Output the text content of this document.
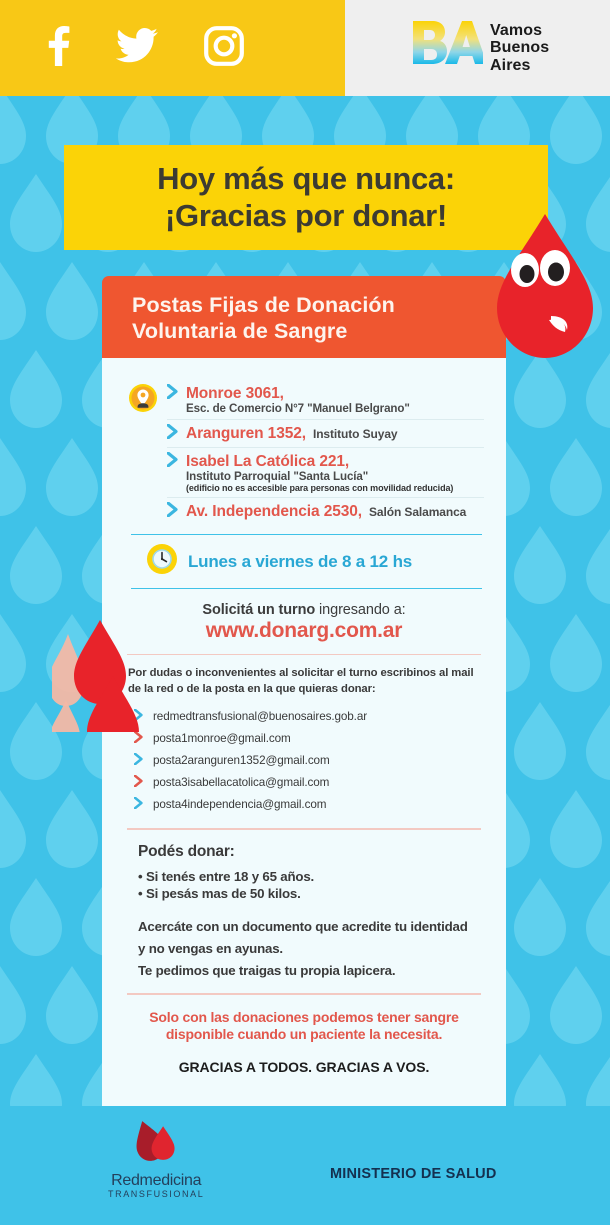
Vamos
Buenos
Aires
Hoy más que nunca:
¡Gracias por donar!
Postas Fijas de Donación
Voluntaria de Sangre
Monroe 3061,
Esc. de Comercio N°7 "Manuel Belgrano"
Aranguren 1352, Instituto Suyay
Isabel La Católica 221,
Instituto Parroquial "Santa Lucía"
(edificio no es accesible para personas con movilidad reducida)
Av. Independencia 2530, Salón Salamanca
Lunes a viernes de 8 a 12 hs
Solicitá un turno ingresando a:
www.donarg.com.ar
Por dudas o inconvenientes al solicitar el turno escribinos al mail de la red o de la posta en la que quieras donar:
redmedtransfusional@buenosaires.gob.ar
posta1monroe@gmail.com
posta2aranguren1352@gmail.com
posta3isabellacatolica@gmail.com
posta4independencia@gmail.com
Podés donar:
• Si tenés entre 18 y 65 años.
• Si pesás mas de 50 kilos.
Acercáte con un documento que acredite tu identidad
y no vengas en ayunas.
Te pedimos que traigas tu propia lapicera.
Solo con las donaciones podemos tener sangre
disponible cuando un paciente la necesita.
GRACIAS A TODOS. GRACIAS A VOS.
Redmedicina
TRANSFUSIONAL
MINISTERIO DE SALUD
